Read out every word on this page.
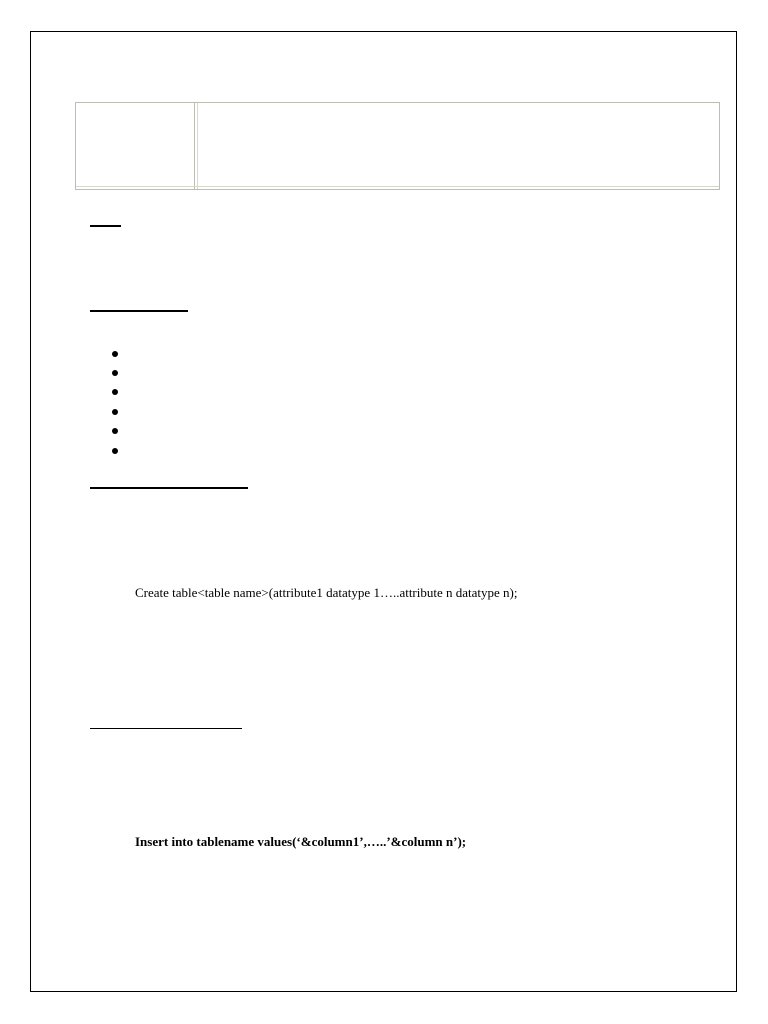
Create table<table name>(attribute1 datatype 1…..attribute n datatype n);
Insert into tablename values(‘&column1’,…..’&column n’);
